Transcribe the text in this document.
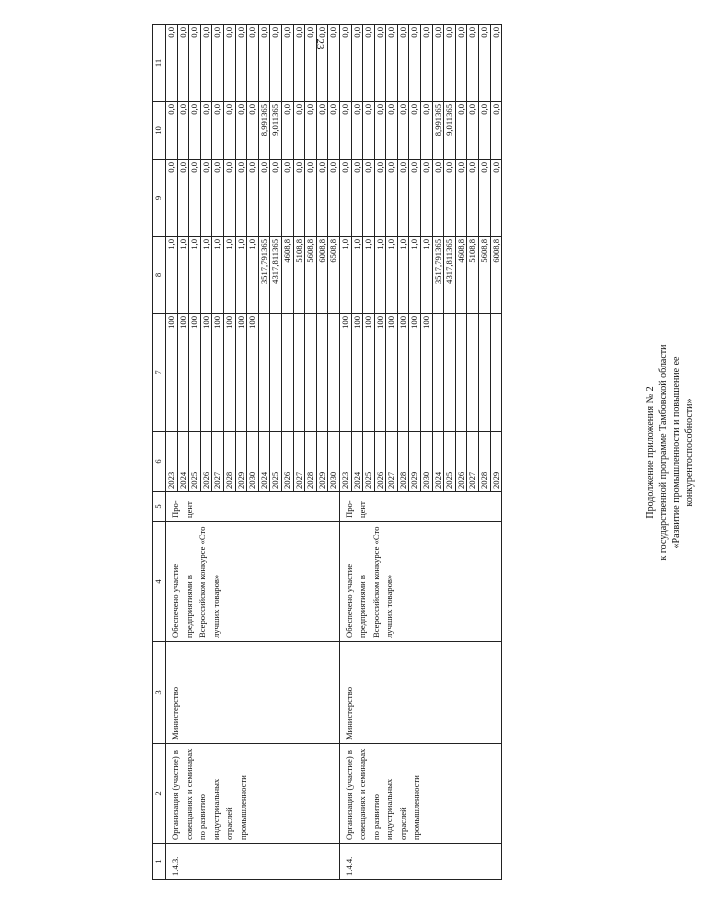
23
1	2	3	4	5	6	7	8	9	10	11	
1.4.3.	Организация (участие) в совещаниях и семинарах по развитию индустриальных отраслей промышленности	Министерство	Обеспечено участие предприятиями в Всероссийском конкурсе «Сто лучших товаров»	Про-цент	2023	100	1,0	0,0	0,0	0,0	
					2024	100	1,0	0,0	0,0	0,0	
					2025	100	1,0	0,0	0,0	0,0	
					2026	100	1,0	0,0	0,0	0,0	
					2027	100	1,0	0,0	0,0	0,0	
					2028	100	1,0	0,0	0,0	0,0	
					2029	100	1,0	0,0	0,0	0,0	
					2030	100	1,0	0,0	0,0	0,0	
					2024		3517,791365	0,0	8,991365	0,0	
					2025		4317,811365	0,0	9,011365	0,0	
					2026		4608,8	0,0	0,0	0,0	
					2027		5108,8	0,0	0,0	0,0	
					2028		5608,8	0,0	0,0	0,0	
					2029		6008,8	0,0	0,0	0,0	
					2030		6508,8	0,0	0,0	0,0	
1.4.4.	Организация (участие) в совещаниях и семинарах по развитию индустриальных отраслей промышленности	Министерство	Обеспечено участие предприятиями в Всероссийском конкурсе «Сто лучших товаров»	Про-цент	2023	100	1,0	0,0	0,0	0,0	
					2024	100	1,0	0,0	0,0	0,0	
					2025	100	1,0	0,0	0,0	0,0	
					2026	100	1,0	0,0	0,0	0,0	
					2027	100	1,0	0,0	0,0	0,0	
					2028	100	1,0	0,0	0,0	0,0	
					2029	100	1,0	0,0	0,0	0,0	
					2030	100	1,0	0,0	0,0	0,0	
					2024		3517,791365	0,0	8,991365	0,0	
					2025		4317,811365	0,0	9,011365	0,0	
					2026		4608,8	0,0	0,0	0,0	
					2027		5108,8	0,0	0,0	0,0	
					2028		5608,8	0,0	0,0	0,0	
					2029		6008,8	0,0	0,0	0,0	
Продолжение приложения № 2 к государственной программе Тамбовской области «Развитие промышленности и повышение ее конкурентоспособности»
